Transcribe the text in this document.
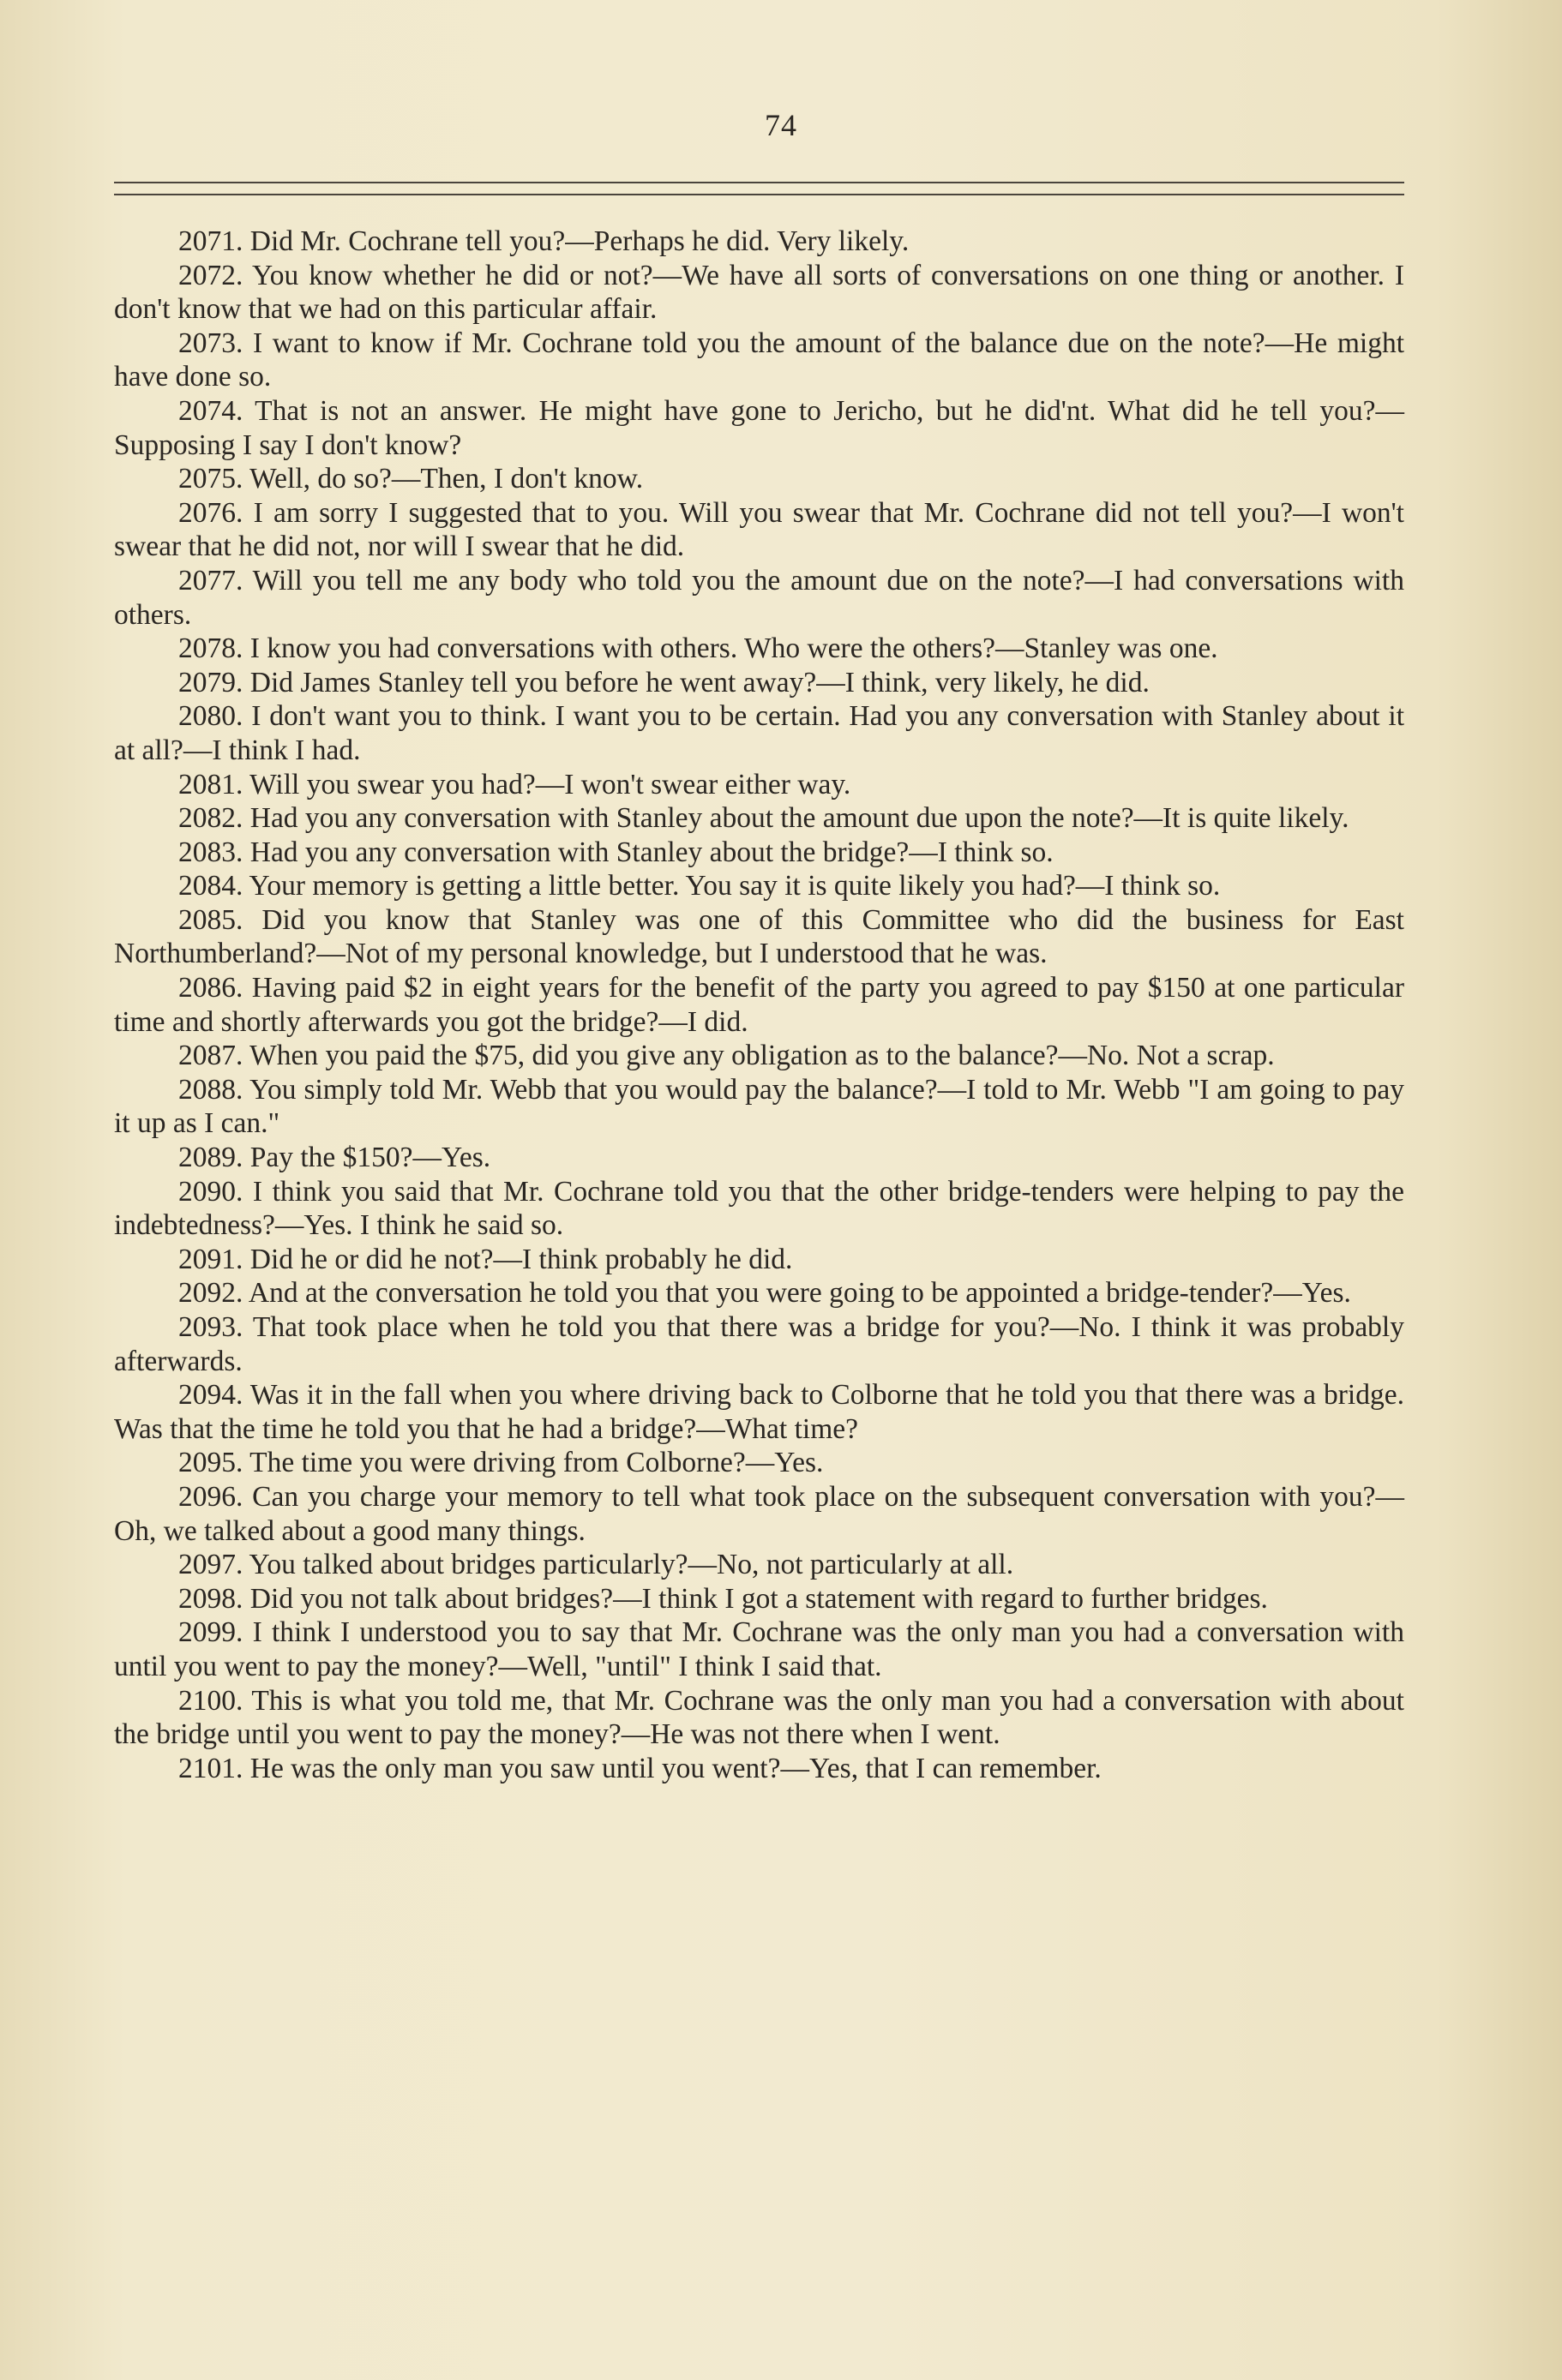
74

2071. Did Mr. Cochrane tell you?—Perhaps he did. Very likely.

2072. You know whether he did or not?—We have all sorts of conversations on one thing or another. I don't know that we had on this particular affair.

2073. I want to know if Mr. Cochrane told you the amount of the balance due on the note?—He might have done so.

2074. That is not an answer. He might have gone to Jericho, but he did'nt. What did he tell you?—Supposing I say I don't know?

2075. Well, do so?—Then, I don't know.

2076. I am sorry I suggested that to you. Will you swear that Mr. Cochrane did not tell you?—I won't swear that he did not, nor will I swear that he did.

2077. Will you tell me any body who told you the amount due on the note?—I had conversations with others.

2078. I know you had conversations with others. Who were the others?—Stanley was one.

2079. Did James Stanley tell you before he went away?—I think, very likely, he did.

2080. I don't want you to think. I want you to be certain. Had you any conversation with Stanley about it at all?—I think I had.

2081. Will you swear you had?—I won't swear either way.

2082. Had you any conversation with Stanley about the amount due upon the note?—It is quite likely.

2083. Had you any conversation with Stanley about the bridge?—I think so.

2084. Your memory is getting a little better. You say it is quite likely you had?—I think so.

2085. Did you know that Stanley was one of this Committee who did the business for East Northumberland?—Not of my personal knowledge, but I understood that he was.

2086. Having paid $2 in eight years for the benefit of the party you agreed to pay $150 at one particular time and shortly afterwards you got the bridge?—I did.

2087. When you paid the $75, did you give any obligation as to the balance?—No. Not a scrap.

2088. You simply told Mr. Webb that you would pay the balance?—I told to Mr. Webb "I am going to pay it up as I can."

2089. Pay the $150?—Yes.

2090. I think you said that Mr. Cochrane told you that the other bridge-tenders were helping to pay the indebtedness?—Yes. I think he said so.

2091. Did he or did he not?—I think probably he did.

2092. And at the conversation he told you that you were going to be appointed a bridge-tender?—Yes.

2093. That took place when he told you that there was a bridge for you?—No. I think it was probably afterwards.

2094. Was it in the fall when you where driving back to Colborne that he told you that there was a bridge. Was that the time he told you that he had a bridge?—What time?

2095. The time you were driving from Colborne?—Yes.

2096. Can you charge your memory to tell what took place on the subsequent conversation with you?—Oh, we talked about a good many things.

2097. You talked about bridges particularly?—No, not particularly at all.

2098. Did you not talk about bridges?—I think I got a statement with regard to further bridges.

2099. I think I understood you to say that Mr. Cochrane was the only man you had a conversation with until you went to pay the money?—Well, "until" I think I said that.

2100. This is what you told me, that Mr. Cochrane was the only man you had a conversation with about the bridge until you went to pay the money?—He was not there when I went.

2101. He was the only man you saw until you went?—Yes, that I can remember.
